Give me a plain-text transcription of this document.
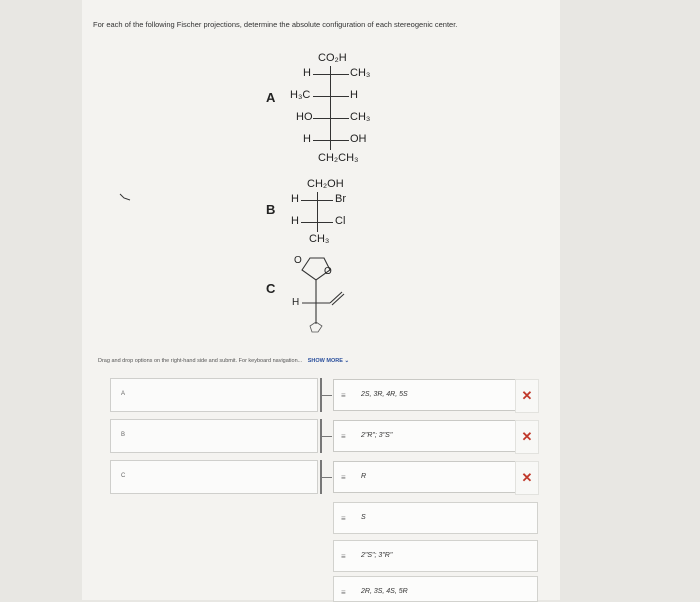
For each of the following Fischer projections, determine the absolute configuration of each stereogenic center.
A
CO₂H
H	CH₃
H₃C	H
HO	CH₃
H	OH
CH₂CH₃
B
CH₂OH
H	Br
H	Cl
CH₃
C
O
O
H
Drag and drop options on the right-hand side and submit. For keyboard navigation... SHOW MORE ⌄
A
B
C
≡ 2S, 3R, 4R, 5S
≡ 2"R"; 3"S"
≡ R
✕
✕
✕
≡ S
≡ 2"S"; 3"R"
≡ 2R, 3S, 4S, 5R
